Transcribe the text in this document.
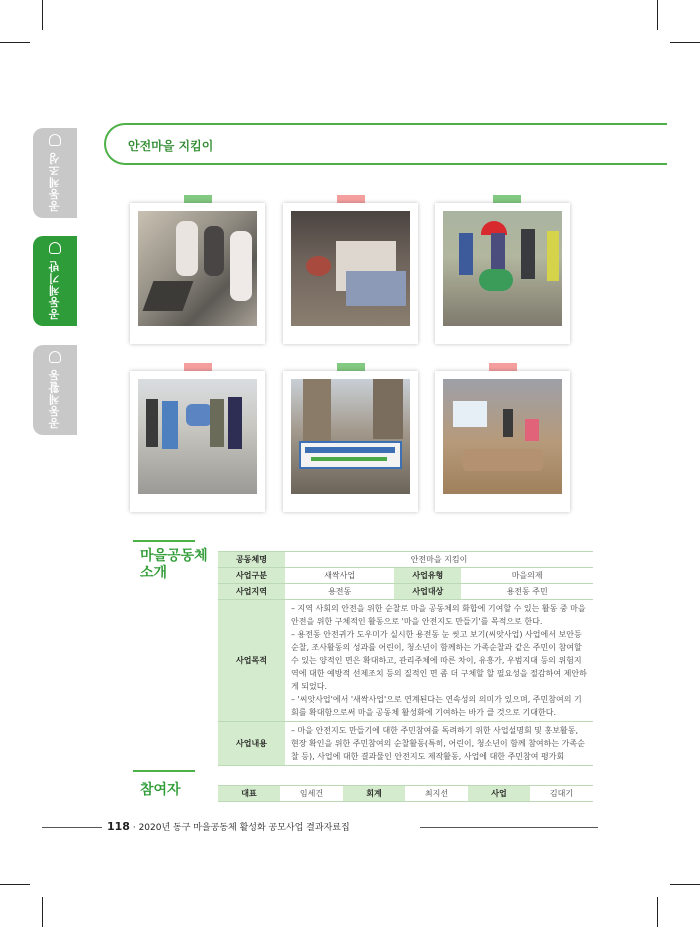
공동체조성
공동체기반
공동체활동
안전마을 지킴이
마을공동체
소개
공동체명	안전마을 지킴이		
사업구분	새싹사업	사업유형	마을의제
사업지역	용전동	사업대상	용전동 주민
사업목적	– 지역 사회의 안전을 위한 순찰로 마을 공동체의 화합에 기여할 수 있는 활동 중 마을 안전을 위한 구체적인 활동으로 '마을 안전지도 만들기'를 목적으로 한다.
– 용전동 안전귀가 도우미가 실시한 용전동 눈 씻고 보기(씨앗사업) 사업에서 보안등 순찰, 조사활동의 성과를 어린이, 청소년이 함께하는 가족순찰과 같은 주민이 참여할 수 있는 양적인 면은 확대하고, 관리주체에 따른 차이, 유흥가, 우범지대 등의 위험지역에 대한 예방적 선제조치 등의 질적인 면 좀 더 구체할 할 필요성을 절감하여 제안하게 되었다.
– '씨앗사업'에서 '새싹사업'으로 연계된다는 연속성의 의미가 있으며, 주민참여의 기회를 확대함으로써 마을 공동체 활성화에 기여하는 바가 클 것으로 기대한다.		

사업내용	– 마을 안전지도 만들기에 대한 주민참여를 독려하기 위한 사업설명회 및 홍보활동, 현장 확인을 위한 주민참여의 순찰활동(특히, 어린이, 청소년이 함께 참여하는 가족순찰 등), 사업에 대한 결과물인 안전지도 제작활동, 사업에 대한 주민참여 평가회		
참여자	대표	임세건	회계	최지선	사업	김대기
118 · 2020년 동구 마을공동체 활성화 공모사업 결과자료집
